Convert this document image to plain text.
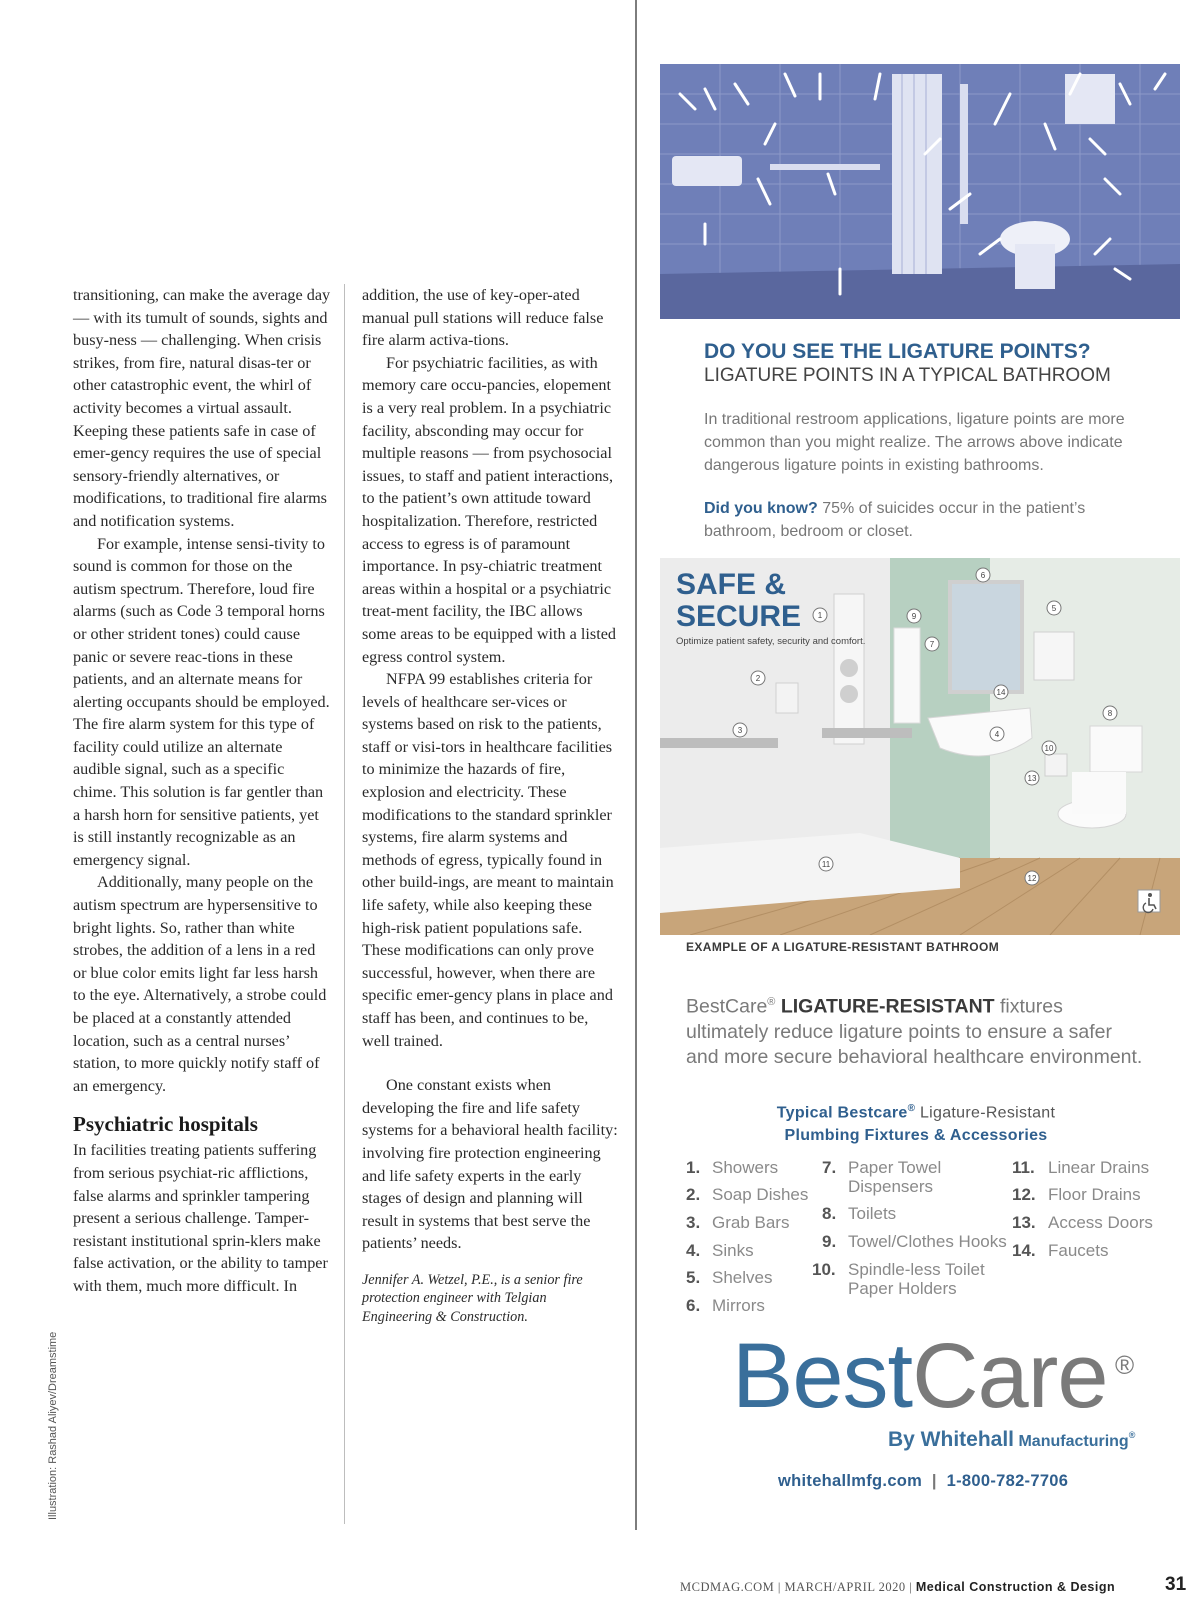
Illustration: Rashad Aliyev/Dreamstime

transitioning, can make the average day — with its tumult of sounds, sights and busy-ness — challenging. When crisis strikes, from fire, natural disas-ter or other catastrophic event, the whirl of activity becomes a virtual assault. Keeping these patients safe in case of emer-gency requires the use of special sensory-friendly alternatives, or modifications, to traditional fire alarms and notification systems.

For example, intense sensi-tivity to sound is common for those on the autism spectrum. Therefore, loud fire alarms (such as Code 3 temporal horns or other strident tones) could cause panic or severe reac-tions in these patients, and an alternate means for alerting occupants should be employed. The fire alarm system for this type of facility could utilize an alternate audible signal, such as a specific chime. This solution is far gentler than a harsh horn for sensitive patients, yet is still instantly recognizable as an emergency signal.

Additionally, many people on the autism spectrum are hypersensitive to bright lights. So, rather than white strobes, the addition of a lens in a red or blue color emits light far less harsh to the eye. Alternatively, a strobe could be placed at a constantly attended location, such as a central nurses’ station, to more quickly notify staff of an emergency.

Psychiatric hospitals

In facilities treating patients suffering from serious psychiat-ric afflictions, false alarms and sprinkler tampering present a serious challenge. Tamper-resistant institutional sprin-klers make false activation, or the ability to tamper with them, much more difficult. In

addition, the use of key-oper-ated manual pull stations will reduce false fire alarm activa-tions.

For psychiatric facilities, as with memory care occu-pancies, elopement is a very real problem. In a psychiatric facility, absconding may occur for multiple reasons — from psychosocial issues, to staff and patient interactions, to the patient’s own attitude toward hospitalization. Therefore, restricted access to egress is of paramount importance. In psy-chiatric treatment areas within a hospital or a psychiatric treat-ment facility, the IBC allows some areas to be equipped with a listed egress control system.

NFPA 99 establishes criteria for levels of healthcare ser-vices or systems based on risk to the patients, staff or visi-tors in healthcare facilities to minimize the hazards of fire, explosion and electricity. These modifications to the standard sprinkler systems, fire alarm systems and methods of egress, typically found in other build-ings, are meant to maintain life safety, while also keeping these high-risk patient populations safe. These modifications can only prove successful, however, when there are specific emer-gency plans in place and staff has been, and continues to be, well trained.

One constant exists when developing the fire and life safety systems for a behavioral health facility: involving fire protection engineering and life safety experts in the early stages of design and planning will result in systems that best serve the patients’ needs.

Jennifer A. Wetzel, P.E., is a senior fire protection engineer with Telgian Engineering & Construction.

DO YOU SEE THE LIGATURE POINTS?
LIGATURE POINTS IN A TYPICAL BATHROOM
In traditional restroom applications, ligature points are more common than you might realize. The arrows above indicate dangerous ligature points in existing bathrooms.
Did you know? 75% of suicides occur in the patient’s bathroom, bedroom or closet.
1
2
3	4
5
6
7
8
9
10
11
12
13
14
SAFE &
SECURE
Optimize patient safety, security and comfort.
EXAMPLE OF A LIGATURE-RESISTANT BATHROOM
BestCare® LIGATURE-RESISTANT fixtures ultimately reduce ligature points to ensure a safer and more secure behavioral healthcare environment.
Typical Bestcare® Ligature-Resistant
Plumbing Fixtures & Accessories
1. Showers
2. Soap Dishes
3. Grab Bars
4. Sinks
5. Shelves
6. Mirrors
7. Paper Towel Dispensers
8. Toilets
9. Towel/Clothes Hooks
10. Spindle-less Toilet Paper Holders
11. Linear Drains
12. Floor Drains
13. Access Doors
14. Faucets
BestCare ®
By Whitehall Manufacturing®
whitehallmfg.com  |  1-800-782-7706
MCDMAG.COM | MARCH/APRIL 2020 | Medical Construction & Design	31
